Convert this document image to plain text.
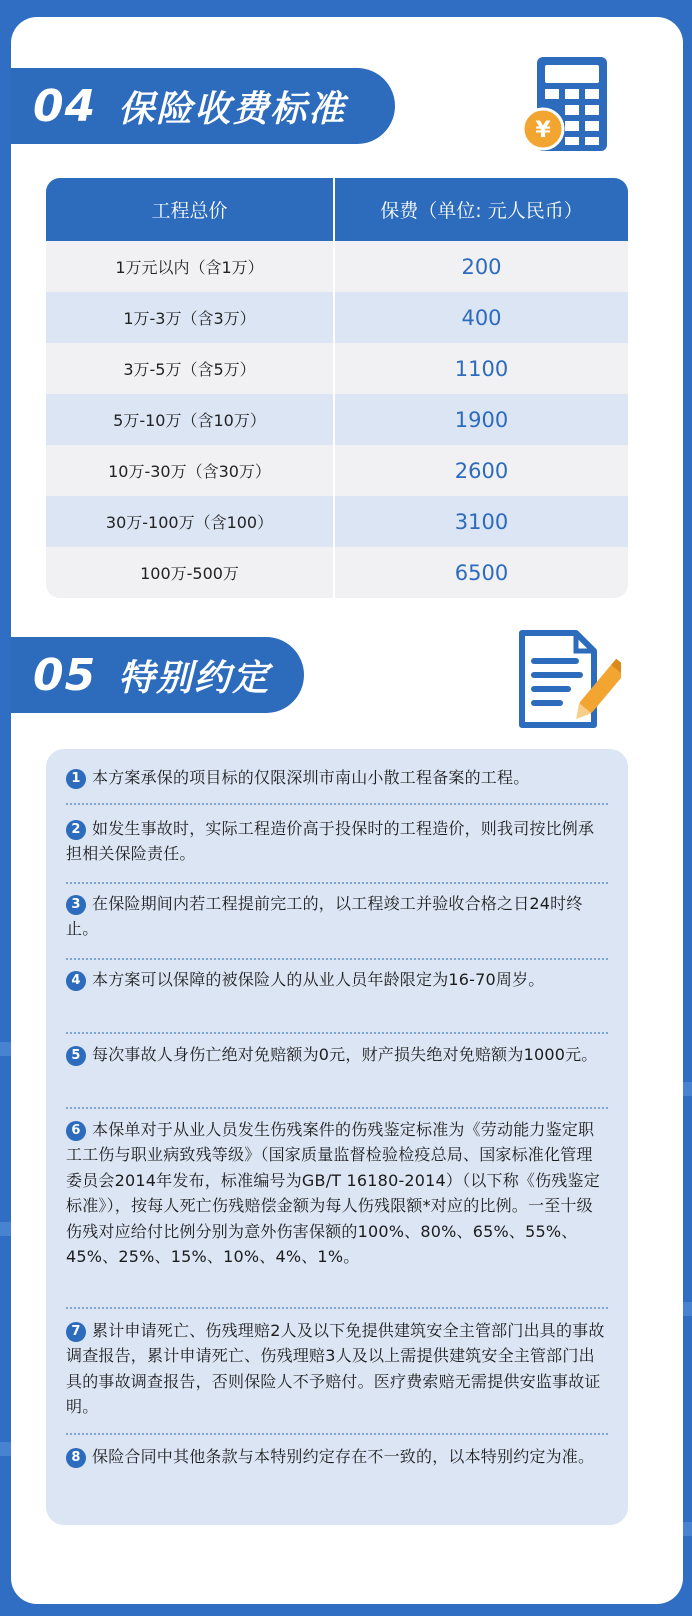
04 保险收费标准
¥
工程总价	保费（单位: 元人民币）
1万元以内（含1万）	200
1万-3万（含3万）	400
3万-5万（含5万）	1100
5万-10万（含10万）	1900
10万-30万（含30万）	2600
30万-100万（含100）	3100
100万-500万	6500
05 特别约定
1 本方案承保的项目标的仅限深圳市南山小散工程备案的工程。
2 如发生事故时，实际工程造价高于投保时的工程造价，则我司按比例承担相关保险责任。
3 在保险期间内若工程提前完工的，以工程竣工并验收合格之日24时终止。
4 本方案可以保障的被保险人的从业人员年龄限定为16-70周岁。
5 每次事故人身伤亡绝对免赔额为0元，财产损失绝对免赔额为1000元。
6 本保单对于从业人员发生伤残案件的伤残鉴定标准为《劳动能力鉴定职工工伤与职业病致残等级》（国家质量监督检验检疫总局、国家标准化管理委员会2014年发布，标准编号为GB/T 16180-2014）（以下称《伤残鉴定标准》），按每人死亡伤残赔偿金额为每人伤残限额*对应的比例。一至十级伤残对应给付比例分别为意外伤害保额的100%、80%、65%、55%、45%、25%、15%、10%、4%、1%。
7 累计申请死亡、伤残理赔2人及以下免提供建筑安全主管部门出具的事故调查报告，累计申请死亡、伤残理赔3人及以上需提供建筑安全主管部门出具的事故调查报告，否则保险人不予赔付。医疗费索赔无需提供安监事故证明。
8 保险合同中其他条款与本特别约定存在不一致的，以本特别约定为准。
